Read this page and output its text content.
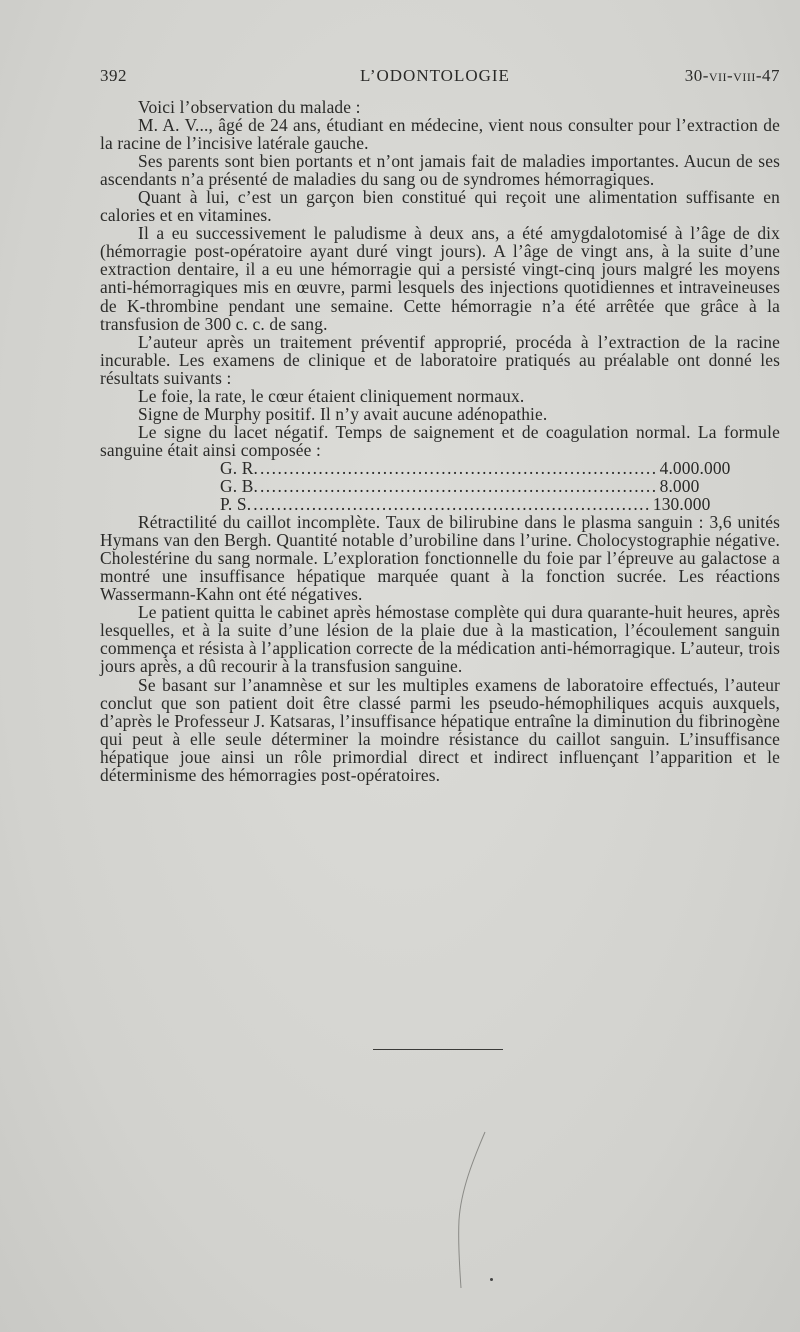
392	L’ODONTOLOGIE	30-vii-viii-47

Voici l’observation du malade :

M. A. V..., âgé de 24 ans, étudiant en médecine, vient nous consulter pour l’extraction de la racine de l’incisive latérale gauche.

Ses parents sont bien portants et n’ont jamais fait de maladies importantes. Aucun de ses ascendants n’a présenté de maladies du sang ou de syndromes hémorragiques.

Quant à lui, c’est un garçon bien constitué qui reçoit une alimentation suffisante en calories et en vitamines.

Il a eu successivement le paludisme à deux ans, a été amygdalotomisé à l’âge de dix (hémorragie post-opératoire ayant duré vingt jours). A l’âge de vingt ans, à la suite d’une extraction dentaire, il a eu une hémorragie qui a persisté vingt-cinq jours malgré les moyens anti-hémorragiques mis en œuvre, parmi lesquels des injections quotidiennes et intraveineuses de K-thrombine pendant une semaine. Cette hémorragie n’a été arrêtée que grâce à la transfusion de 300 c. c. de sang.

L’auteur après un traitement préventif approprié, procéda à l’extraction de la racine incurable. Les examens de clinique et de laboratoire pratiqués au préalable ont donné les résultats suivants :

Le foie, la rate, le cœur étaient cliniquement normaux.

Signe de Murphy positif. Il n’y avait aucune adénopathie.

Le signe du lacet négatif. Temps de saignement et de coagulation normal. La formule sanguine était ainsi composée :

G. R. .................................................................... 4.000.000
G. B. .................................................................... 8.000
P. S. .................................................................... 130.000

Rétractilité du caillot incomplète. Taux de bilirubine dans le plasma sanguin : 3,6 unités Hymans van den Bergh. Quantité notable d’urobiline dans l’urine. Cholocystographie négative. Cholestérine du sang normale. L’exploration fonctionnelle du foie par l’épreuve au galactose a montré une insuffisance hépatique marquée quant à la fonction sucrée. Les réactions Wassermann-Kahn ont été négatives.

Le patient quitta le cabinet après hémostase complète qui dura quarante-huit heures, après lesquelles, et à la suite d’une lésion de la plaie due à la mastication, l’écoulement sanguin commença et résista à l’application correcte de la médication anti-hémorragique. L’auteur, trois jours après, a dû recourir à la transfusion sanguine.

Se basant sur l’anamnèse et sur les multiples examens de laboratoire effectués, l’auteur conclut que son patient doit être classé parmi les pseudo-hémophiliques acquis auxquels, d’après le Professeur J. Katsaras, l’insuffisance hépatique entraîne la diminution du fibrinogène qui peut à elle seule déterminer la moindre résistance du caillot sanguin. L’insuffisance hépatique joue ainsi un rôle primordial direct et indirect influençant l’apparition et le déterminisme des hémorragies post-opératoires.
